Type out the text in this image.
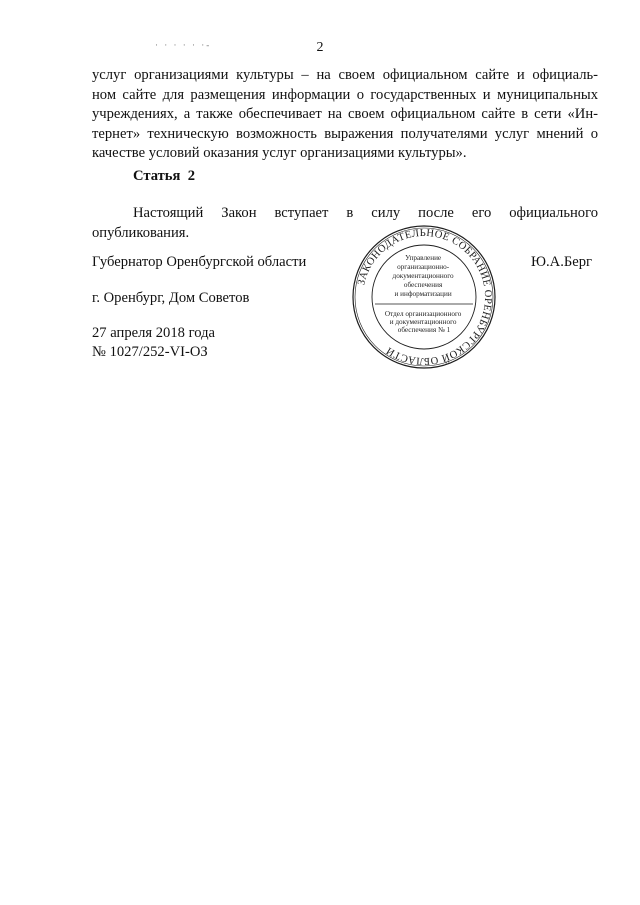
· · · · · ·-	2
услуг организациями культуры – на своем официальном сайте и официаль-
ном сайте для размещения информации о государственных и муниципальных
учреждениях, а также обеспечивает на своем официальном сайте в сети «Ин-
тернет» техническую возможность выражения получателями услуг мнений о
качестве условий оказания услуг организациями культуры».
Статья  2
Настоящий Закон вступает в силу после его официального
опубликования.
Губернатор Оренбургской области	Ю.А.Берг
г. Оренбург, Дом Советов
27 апреля 2018 года
№ 1027/252-VI-ОЗ
ЗАКОНОДАТЕЛЬНОЕ СОБРАНИЕ ОРЕНБУРГСКОЙ ОБЛАСТИ
Управление организационно- документационного обеспечения и информатизации Отдел организационного и документационного обеспечения № 1
